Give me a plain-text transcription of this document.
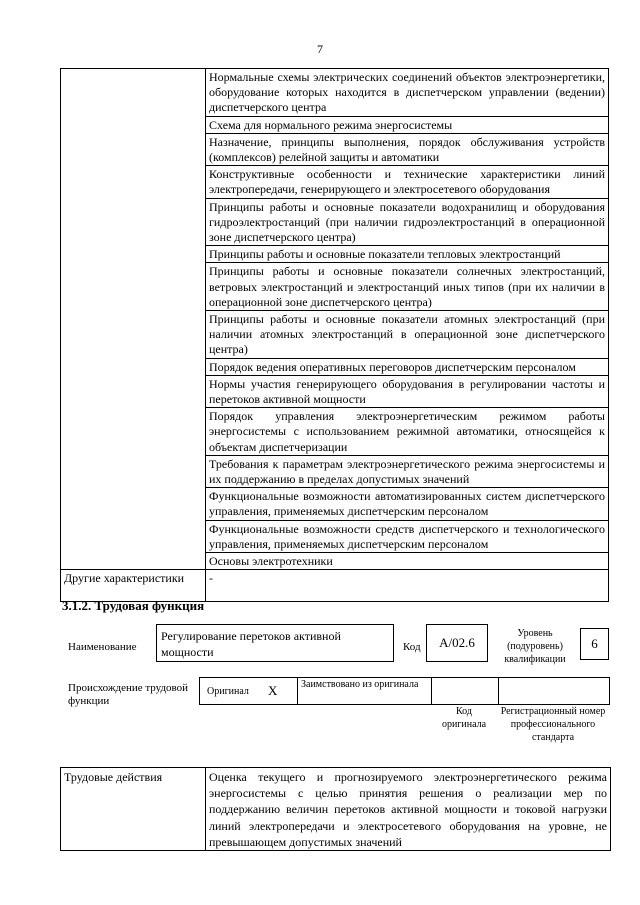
7
	Нормальные схемы электрических соединений объектов электроэнергетики, оборудование которых находится в диспетчерском управлении (ведении) диспетчерского центра
	Схема для нормального режима энергосистемы
	Назначение, принципы выполнения, порядок обслуживания устройств (комплексов) релейной защиты и автоматики
	Конструктивные особенности и технические характеристики линий электропередачи, генерирующего и электросетевого оборудования
	Принципы работы и основные показатели водохранилищ и оборудования гидроэлектростанций (при наличии гидроэлектростанций в операционной зоне диспетчерского центра)
	Принципы работы и основные показатели тепловых электростанций
	Принципы работы и основные показатели солнечных электростанций, ветровых электростанций и электростанций иных типов (при их наличии в операционной зоне диспетчерского центра)
	Принципы работы и основные показатели атомных электростанций (при наличии атомных электростанций в операционной зоне диспетчерского центра)
	Порядок ведения оперативных переговоров диспетчерским персоналом
	Нормы участия генерирующего оборудования в регулировании частоты и перетоков активной мощности
	Порядок управления электроэнергетическим режимом работы энергосистемы с использованием режимной автоматики, относящейся к объектам диспетчеризации
	Требования к параметрам электроэнергетического режима энергосистемы и их поддержанию в пределах допустимых значений
	Функциональные возможности автоматизированных систем диспетчерского управления, применяемых диспетчерским персоналом
	Функциональные возможности средств диспетчерского и технологического управления, применяемых диспетчерским персоналом
	Основы электротехники
Другие характеристики	-
3.1.2. Трудовая функция
Наименование
Регулирование перетоков активной мощности	Код	А/02.6
Уровень (подуровень) квалификации
6
Происхождение трудовой функции
Оригинал X Заимствовано из оригинала
Код оригинала
Регистрационный номер профессионального стандарта
Трудовые действия	Оценка текущего и прогнозируемого электроэнергетического режима энергосистемы с целью принятия решения о реализации мер по поддержанию величин перетоков активной мощности и токовой нагрузки линий электропередачи и электросетевого оборудования на уровне, не превышающем допустимых значений
